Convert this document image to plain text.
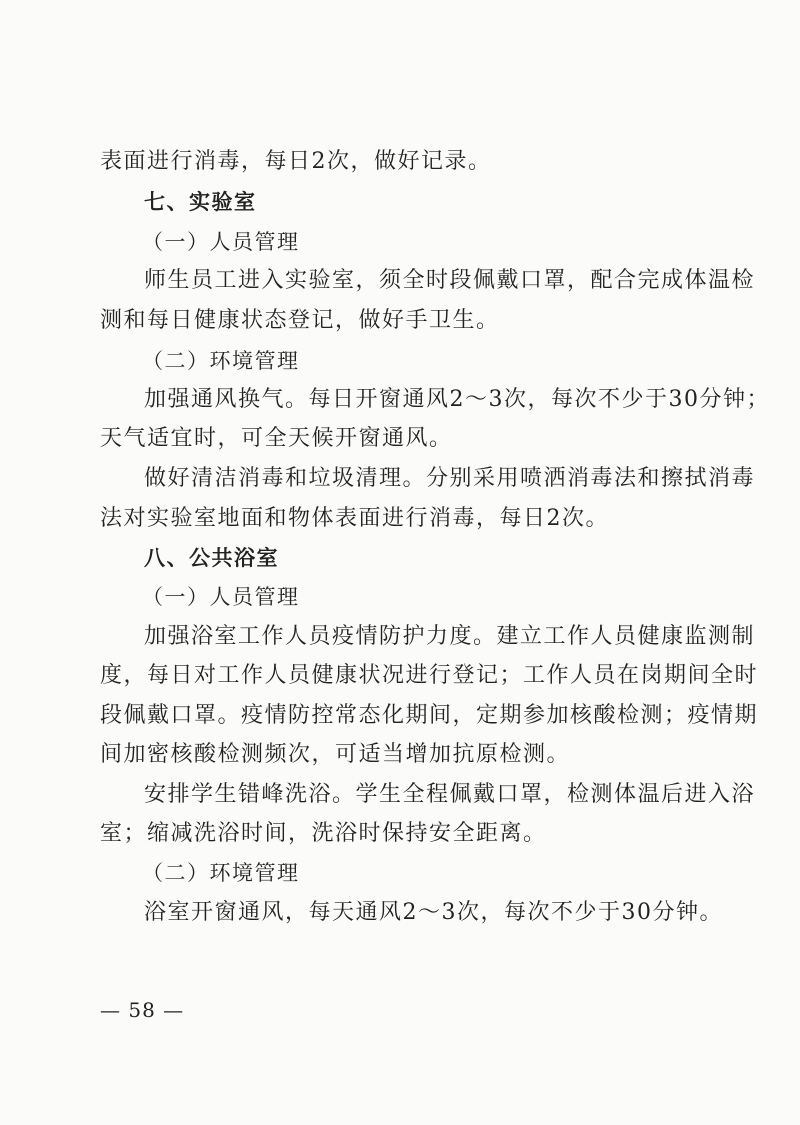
表面进行消毒，每日2次，做好记录。
七、实验室
（一）人员管理
师生员工进入实验室，须全时段佩戴口罩，配合完成体温检
测和每日健康状态登记，做好手卫生。
（二）环境管理
加强通风换气。每日开窗通风2～3次，每次不少于30分钟；
天气适宜时，可全天候开窗通风。
做好清洁消毒和垃圾清理。分别采用喷洒消毒法和擦拭消毒
法对实验室地面和物体表面进行消毒，每日2次。
八、公共浴室
（一）人员管理
加强浴室工作人员疫情防护力度。建立工作人员健康监测制
度，每日对工作人员健康状况进行登记；工作人员在岗期间全时
段佩戴口罩。疫情防控常态化期间，定期参加核酸检测；疫情期
间加密核酸检测频次，可适当增加抗原检测。
安排学生错峰洗浴。学生全程佩戴口罩，检测体温后进入浴
室；缩减洗浴时间，洗浴时保持安全距离。
（二）环境管理
浴室开窗通风，每天通风2～3次，每次不少于30分钟。
— 58 —
